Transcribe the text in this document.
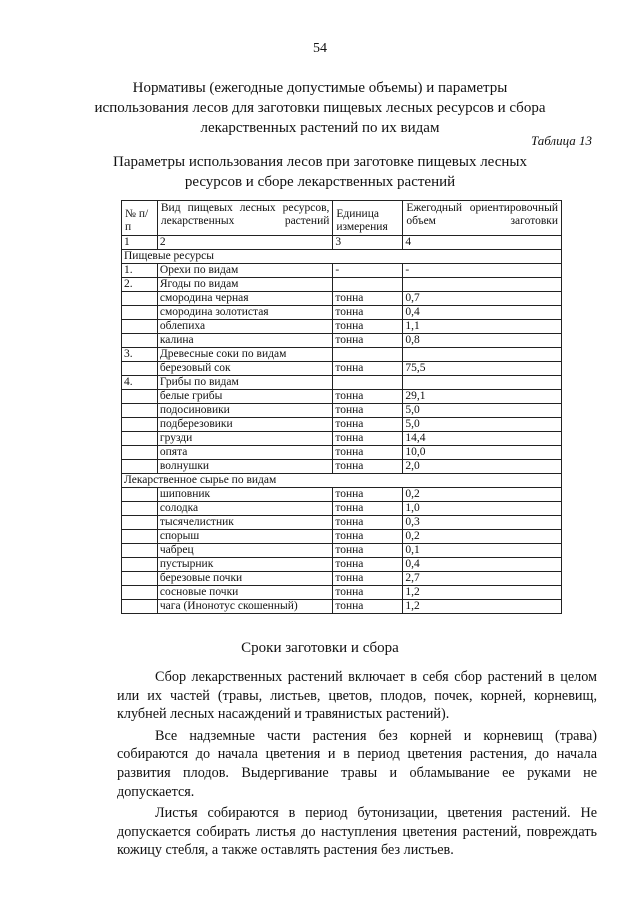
54
Нормативы (ежегодные допустимые объемы) и параметры использования лесов для заготовки пищевых лесных ресурсов и сбора лекарственных растений по их видам
Таблица 13
Параметры использования лесов при заготовке пищевых лесных ресурсов и сборе лекарственных растений
№ п/п	Вид пищевых лесных ресурсов, лекарственных растений	Единица измерения	Ежегодный ориентировочный объем заготовки
1	2	3	4
Пищевые ресурсы			
1.	Орехи по видам	-	-
2.	Ягоды по видам		
	смородина черная	тонна	0,7
	смородина золотистая	тонна	0,4
	облепиха	тонна	1,1
	калина	тонна	0,8
3.	Древесные соки по видам		
	березовый сок	тонна	75,5
4.	Грибы по видам		
	белые грибы	тонна	29,1
	подосиновики	тонна	5,0
	подберезовики	тонна	5,0
	грузди	тонна	14,4
	опята	тонна	10,0
	волнушки	тонна	2,0
Лекарственное сырье по видам			
	шиповник	тонна	0,2
	солодка	тонна	1,0
	тысячелистник	тонна	0,3
	спорыш	тонна	0,2
	чабрец	тонна	0,1
	пустырник	тонна	0,4
	березовые почки	тонна	2,7
	сосновые почки	тонна	1,2
	чага (Инонотус скошенный)	тонна	1,2
Сроки заготовки и сбора

Сбор лекарственных растений включает в себя сбор растений в целом или их частей (травы, листьев, цветов, плодов, почек, корней, корневищ, клубней лесных насаждений и травянистых растений).

Все надземные части растения без корней и корневищ (трава) собираются до начала цветения и в период цветения растения, до начала развития плодов. Выдергивание травы и обламывание ее руками не допускается.

Листья собираются в период бутонизации, цветения растений. Не допускается собирать листья до наступления цветения растений, повреждать кожицу стебля, а также оставлять растения без листьев.
